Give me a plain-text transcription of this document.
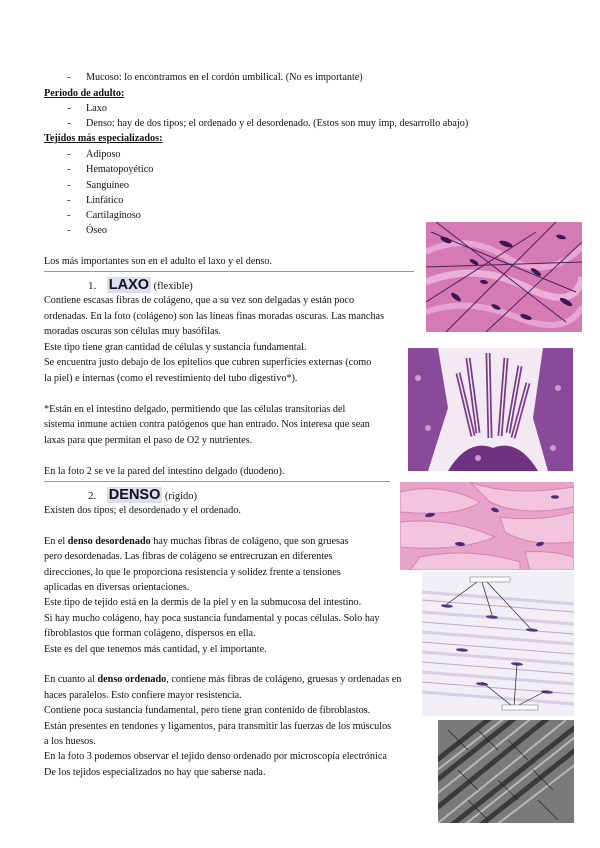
- Mucoso: lo encontramos en el cordón umbilical. (No es importante)
Periodo de adulto:
- Laxo
- Denso: hay de dos tipos; el ordenado y el desordenado. (Estos son muy imp, desarrollo abajo)
Tejidos más especializados:
- Adiposo
- Hematopoyético
- Sanguíneo
- Linfático
- Cartilaginoso
- Óseo
Los más importantes son en el adulto el laxo y el denso.
1. LAXO (flexible)
Contiene escasas fibras de colágeno, que a su vez son delgadas y están poco
ordenadas. En la foto (colágeno) son las líneas finas moradas oscuras. Las manchas
moradas oscuras son células muy basófilas.
Este tipo tiene gran cantidad de células y sustancia fundamental.
Se encuentra justo debajo de los epitelios que cubren superficies externas (como
la piel) e internas (como el revestimiento del tubo digestivo*).
*Están en el intestino delgado, permitiendo que las células transitorias del
sistema inmune actúen contra patógenos que han entrado. Nos interesa que sean
laxas para que permitan el paso de O2 y nutrientes.
En la foto 2 se ve la pared del intestino delgado (duodeno).
2. DENSO (rígido)
Existen dos tipos; el desordenado y el ordenado.
En el denso desordenado hay muchas fibras de colágeno, que son gruesas
pero desordenadas. Las fibras de colágeno se entrecruzan en diferentes
direcciones, lo que le proporciona resistencia y solidez frente a tensiones
aplicadas en diversas orientaciones.
Este tipo de tejido está en la dermis de la piel y en la submucosa del intestino.
Si hay mucho colágeno, hay poca sustancia fundamental y pocas células. Solo hay
fibroblastos que forman colágeno, dispersos en ella.
Este es del que tenemos más cantidad, y el importante.
En cuanto al denso ordenado, contiene más fibras de colágeno, gruesas y ordenadas en
haces paralelos. Esto confiere mayor resistencia.
Contiene poca sustancia fundamental, pero tiene gran contenido de fibroblastos.
Están presentes en tendones y ligamentos, para transmitir las fuerzas de los músculos
a los huesos.
En la foto 3 podemos observar el tejido denso ordenado por microscopía electrónica
De los tejidos especializados no hay que saberse nada.
